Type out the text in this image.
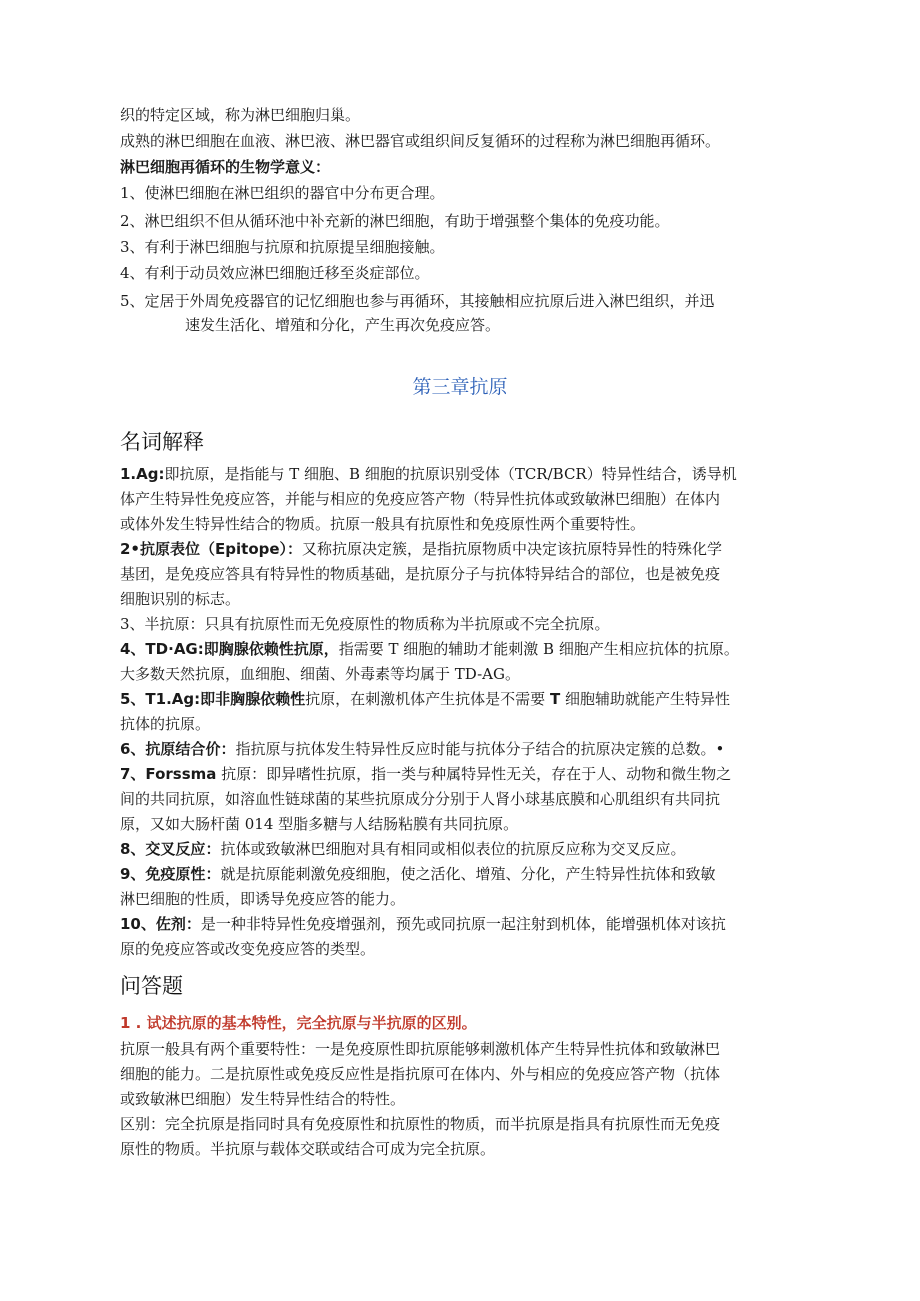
织的特定区域，称为淋巴细胞归巢。
成熟的淋巴细胞在血液、淋巴液、淋巴器官或组织间反复循环的过程称为淋巴细胞再循环。
淋巴细胞再循环的生物学意义：
1、使淋巴细胞在淋巴组织的器官中分布更合理。
2、淋巴组织不但从循环池中补充新的淋巴细胞，有助于增强整个集体的免疫功能。
3、有利于淋巴细胞与抗原和抗原提呈细胞接触。
4、有利于动员效应淋巴细胞迁移至炎症部位。
5、定居于外周免疫器官的记忆细胞也参与再循环，其接触相应抗原后进入淋巴组织，并迅
速发生活化、增殖和分化，产生再次免疫应答。
第三章抗原
名词解释
1.Ag:即抗原，是指能与 T 细胞、B 细胞的抗原识别受体（TCR/BCR）特异性结合，诱导机
体产生特异性免疫应答，并能与相应的免疫应答产物（特异性抗体或致敏淋巴细胞）在体内
或体外发生特异性结合的物质。抗原一般具有抗原性和免疫原性两个重要特性。
2•抗原表位（Epitope）：又称抗原决定簇，是指抗原物质中决定该抗原特异性的特殊化学
基团，是免疫应答具有特异性的物质基础，是抗原分子与抗体特异结合的部位，也是被免疫
细胞识别的标志。
3、半抗原：只具有抗原性而无免疫原性的物质称为半抗原或不完全抗原。
4、TD·AG:即胸腺依赖性抗原，指需要 T 细胞的辅助才能刺激 B 细胞产生相应抗体的抗原。
大多数天然抗原，血细胞、细菌、外毒素等均属于 TD-AG。
5、T1.Ag:即非胸腺依赖性抗原，在刺激机体产生抗体是不需要 T 细胞辅助就能产生特异性
抗体的抗原。
6、抗原结合价：指抗原与抗体发生特异性反应时能与抗体分子结合的抗原决定簇的总数。•
7、Forssma 抗原：即异嗜性抗原，指一类与种属特异性无关，存在于人、动物和微生物之
间的共同抗原，如溶血性链球菌的某些抗原成分分别于人肾小球基底膜和心肌组织有共同抗
原，又如大肠杆菌 014 型脂多糖与人结肠粘膜有共同抗原。
8、交叉反应：抗体或致敏淋巴细胞对具有相同或相似表位的抗原反应称为交叉反应。
9、免疫原性：就是抗原能刺激免疫细胞，使之活化、增殖、分化，产生特异性抗体和致敏
淋巴细胞的性质，即诱导免疫应答的能力。
10、佐剂：是一种非特异性免疫增强剂，预先或同抗原一起注射到机体，能增强机体对该抗
原的免疫应答或改变免疫应答的类型。
问答题
1 . 试述抗原的基本特性，完全抗原与半抗原的区别。
抗原一般具有两个重要特性：一是免疫原性即抗原能够刺激机体产生特异性抗体和致敏淋巴
细胞的能力。二是抗原性或免疫反应性是指抗原可在体内、外与相应的免疫应答产物（抗体
或致敏淋巴细胞）发生特异性结合的特性。
区别：完全抗原是指同时具有免疫原性和抗原性的物质，而半抗原是指具有抗原性而无免疫
原性的物质。半抗原与载体交联或结合可成为完全抗原。
